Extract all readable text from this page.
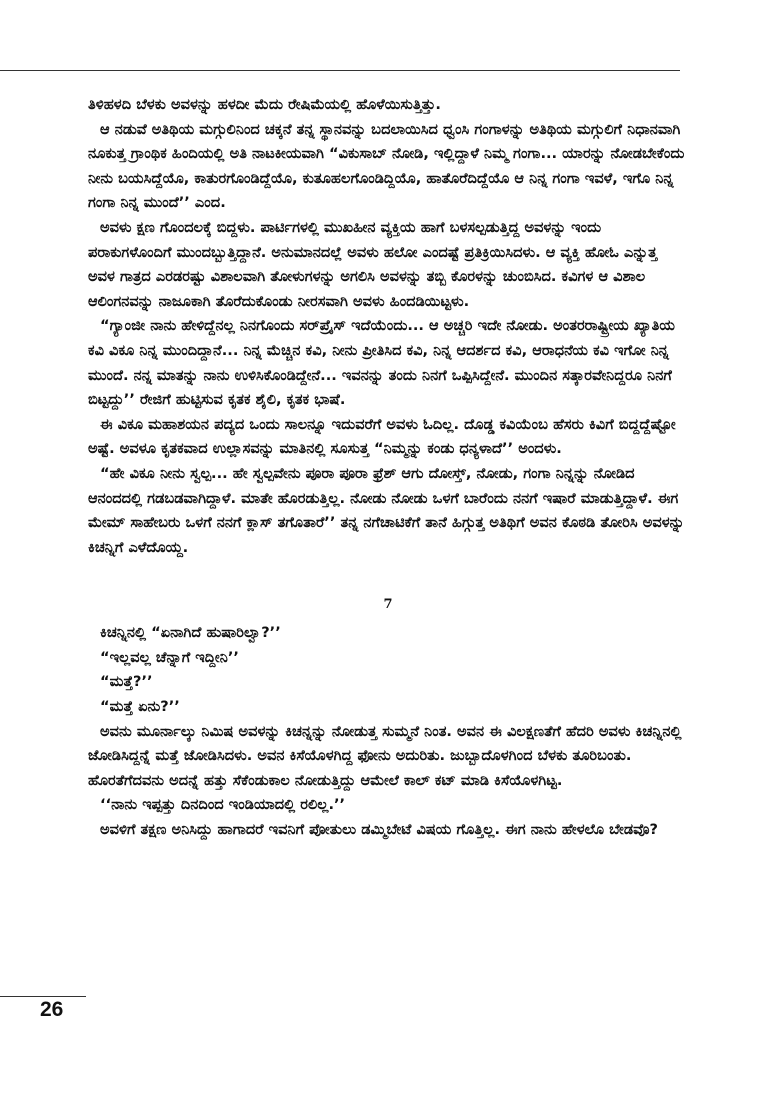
ತಿಳಿಹಳದಿ ಬೆಳಕು ಅವಳನ್ನು ಹಳದೀ ಮೆದು ರೇಷಿಮೆಯಲ್ಲಿ ಹೊಳೆಯಿಸುತ್ತಿತ್ತು.

ಆ ನಡುವೆ ಅತಿಥಿಯ ಮಗ್ಗುಲಿನಿಂದ ಚಕ್ಕನೆ ತನ್ನ ಸ್ಥಾನವನ್ನು ಬದಲಾಯಿಸಿದ ಧ್ವಂಸಿ ಗಂಗಾಳನ್ನು ಅತಿಥಿಯ ಮಗ್ಗುಲಿಗೆ ನಿಧಾನವಾಗಿ ನೂಕುತ್ತ ಗ್ರಾಂಥಿಕ ಹಿಂದಿಯಲ್ಲಿ ಅತಿ ನಾಟಕೀಯವಾಗಿ “ವಿಕುಸಾಬ್ ನೋಡಿ, ಇಲ್ಲಿದ್ದಾಳೆ ನಿಮ್ಮ ಗಂಗಾ... ಯಾರನ್ನು ನೋಡಬೇಕೆಂದು ನೀನು ಬಯಸಿದ್ದೆಯೊ, ಕಾತುರಗೊಂಡಿದ್ದೆಯೊ, ಕುತೂಹಲಗೊಂಡಿದ್ದಿಯೊ, ಹಾತೊರೆದಿದ್ದೆಯೊ ಆ ನಿನ್ನ ಗಂಗಾ ಇವಳೆ, ಇಗೊ ನಿನ್ನ ಗಂಗಾ ನಿನ್ನ ಮುಂದೆ’’ ಎಂದ.

ಅವಳು ಕ್ಷಣ ಗೊಂದಲಕ್ಕೆ ಬಿದ್ದಳು. ಪಾರ್ಟಿಗಳಲ್ಲಿ ಮುಖಹೀನ ವ್ಯಕ್ತಿಯ ಹಾಗೆ ಬಳಸಲ್ಪಡುತ್ತಿದ್ದ ಅವಳನ್ನು ಇಂದು ಪರಾಕುಗಳೊಂದಿಗೆ ಮುಂದಬ್ಬುತ್ತಿದ್ದಾನೆ. ಅನುಮಾನದಲ್ಲೆ ಅವಳು ಹಲೋ ಎಂದಷ್ಟೆ ಪ್ರತಿಕ್ರಿಯಿಸಿದಳು. ಆ ವ್ಯಕ್ತಿ ಹೋಓ ಎನ್ನುತ್ತ ಅವಳ ಗಾತ್ರದ ಎರಡರಷ್ಟು ವಿಶಾಲವಾಗಿ ತೋಳುಗಳನ್ನು ಅಗಲಿಸಿ ಅವಳನ್ನು ತಬ್ಬಿ ಕೊರಳನ್ನು ಚುಂಬಿಸಿದ. ಕವಿಗಳ ಆ ವಿಶಾಲ ಆಲಿಂಗನವನ್ನು ನಾಜೂಕಾಗಿ ತೊರೆದುಕೊಂಡು ನೀರಸವಾಗಿ ಅವಳು ಹಿಂದಡಿಯಿಟ್ಟಳು.

“ಗ್ಯಾಂಜೀ ನಾನು ಹೇಳಿದ್ದೆನಲ್ಲ ನಿನಗೊಂದು ಸರ್‌ಪ್ರೈಸ್ ಇದೆಯೆಂದು... ಆ ಅಚ್ಚರಿ ಇದೇ ನೋಡು. ಅಂತರರಾಷ್ಟ್ರೀಯ ಖ್ಯಾತಿಯ ಕವಿ ವಿಕೂ ನಿನ್ನ ಮುಂದಿದ್ದಾನೆ... ನಿನ್ನ ಮೆಚ್ಚಿನ ಕವಿ, ನೀನು ಪ್ರೀತಿಸಿದ ಕವಿ, ನಿನ್ನ ಆದರ್ಶದ ಕವಿ, ಆರಾಧನೆಯ ಕವಿ ಇಗೋ ನಿನ್ನ ಮುಂದೆ. ನನ್ನ ಮಾತನ್ನು ನಾನು ಉಳಿಸಿಕೊಂಡಿದ್ದೇನೆ... ಇವನನ್ನು ತಂದು ನಿನಗೆ ಒಪ್ಪಿಸಿದ್ದೇನೆ. ಮುಂದಿನ ಸತ್ಕಾರವೇನಿದ್ದರೂ ನಿನಗೆ ಬಿಟ್ಟದ್ದು’’ ರೇಜಿಗೆ ಹುಟ್ಟಿಸುವ ಕೃತಕ ಶೈಲಿ, ಕೃತಕ ಭಾಷೆ.

ಈ ವಿಕೂ ಮಹಾಶಯನ ಪದ್ಯದ ಒಂದು ಸಾಲನ್ನೂ ಇದುವರೆಗೆ ಅವಳು ಓದಿಲ್ಲ. ದೊಡ್ಡ ಕವಿಯೆಂಬ ಹೆಸರು ಕಿವಿಗೆ ಬಿದ್ದದ್ದೆಷ್ಟೋ ಅಷ್ಟೆ. ಅವಳೂ ಕೃತಕವಾದ ಉಲ್ಲಾಸವನ್ನು ಮಾತಿನಲ್ಲಿ ಸೂಸುತ್ತ “ನಿಮ್ಮನ್ನು ಕಂಡು ಧನ್ಯಳಾದೆ’’ ಅಂದಳು.

“ಹೇ ವಿಕೂ ನೀನು ಸ್ವಲ್ಪ... ಹೇ ಸ್ವಲ್ಪವೇನು ಪೂರಾ ಪೂರಾ ಫ್ರೆಶ್ ಆಗು ದೋಸ್ತ್, ನೋಡು, ಗಂಗಾ ನಿನ್ನನ್ನು ನೋಡಿದ ಆನಂದದಲ್ಲಿ ಗಡಬಡವಾಗಿದ್ದಾಳೆ. ಮಾತೇ ಹೊರಡುತ್ತಿಲ್ಲ. ನೋಡು ನೋಡು ಒಳಗೆ ಬಾರೆಂದು ನನಗೆ ಇಷಾರೆ ಮಾಡುತ್ತಿದ್ದಾಳೆ. ಈಗ ಮೇಮ್ ಸಾಹೇಬರು ಒಳಗೆ ನನಗೆ ಕ್ಲಾಸ್ ತಗೊತಾರೆ’’ ತನ್ನ ನಗೆಚಾಟಿಕೆಗೆ ತಾನೆ ಹಿಗ್ಗುತ್ತ ಅತಿಥಿಗೆ ಅವನ ಕೊಠಡಿ ತೋರಿಸಿ ಅವಳನ್ನು ಕಿಚನ್ನಿಗೆ ಎಳೆದೊಯ್ದ.

7

ಕಿಚನ್ನಿನಲ್ಲಿ “ಏನಾಗಿದೆ ಹುಷಾರಿಲ್ವಾ?’’

“ಇಲ್ಲವಲ್ಲ ಚೆನ್ನಾಗೆ ಇದ್ದೀನಿ’’

“ಮತ್ತೆ?’’

“ಮತ್ತೆ ಏನು?’’

ಅವನು ಮೂರ್ನಾಲ್ಕು ನಿಮಿಷ ಅವಳನ್ನು ಕಿಚನ್ನನ್ನು ನೋಡುತ್ತ ಸುಮ್ಮನೆ ನಿಂತ. ಅವನ ಈ ವಿಲಕ್ಷಣತೆಗೆ ಹೆದರಿ ಅವಳು ಕಿಚನ್ನಿನಲ್ಲಿ ಜೋಡಿಸಿದ್ದನ್ನೆ ಮತ್ತೆ ಜೋಡಿಸಿದಳು. ಅವನ ಕಿಸೆಯೊಳಗಿದ್ದ ಫೋನು ಅದುರಿತು. ಜುಬ್ಬಾದೊಳಗಿಂದ ಬೆಳಕು ತೂರಿಬಂತು. ಹೊರತೆಗೆದವನು ಅದನ್ನೆ ಹತ್ತು ಸೆಕೆಂಡುಕಾಲ ನೋಡುತ್ತಿದ್ದು ಆಮೇಲೆ ಕಾಲ್ ಕಟ್ ಮಾಡಿ ಕಿಸೆಯೊಳಗಿಟ್ಟ.

‘‘ನಾನು ಇಪ್ಪತ್ತು ದಿನದಿಂದ ಇಂಡಿಯಾದಲ್ಲಿ ರಲಿಲ್ಲ.’’

ಅವಳಿಗೆ ತಕ್ಷಣ ಅನಿಸಿದ್ದು ಹಾಗಾದರೆ ಇವನಿಗೆ ಪೋತುಲು ಡಮ್ಮಿಬೇಟೆ ವಿಷಯ ಗೊತ್ತಿಲ್ಲ. ಈಗ ನಾನು ಹೇಳಲೊ ಬೇಡವೊ?

26
